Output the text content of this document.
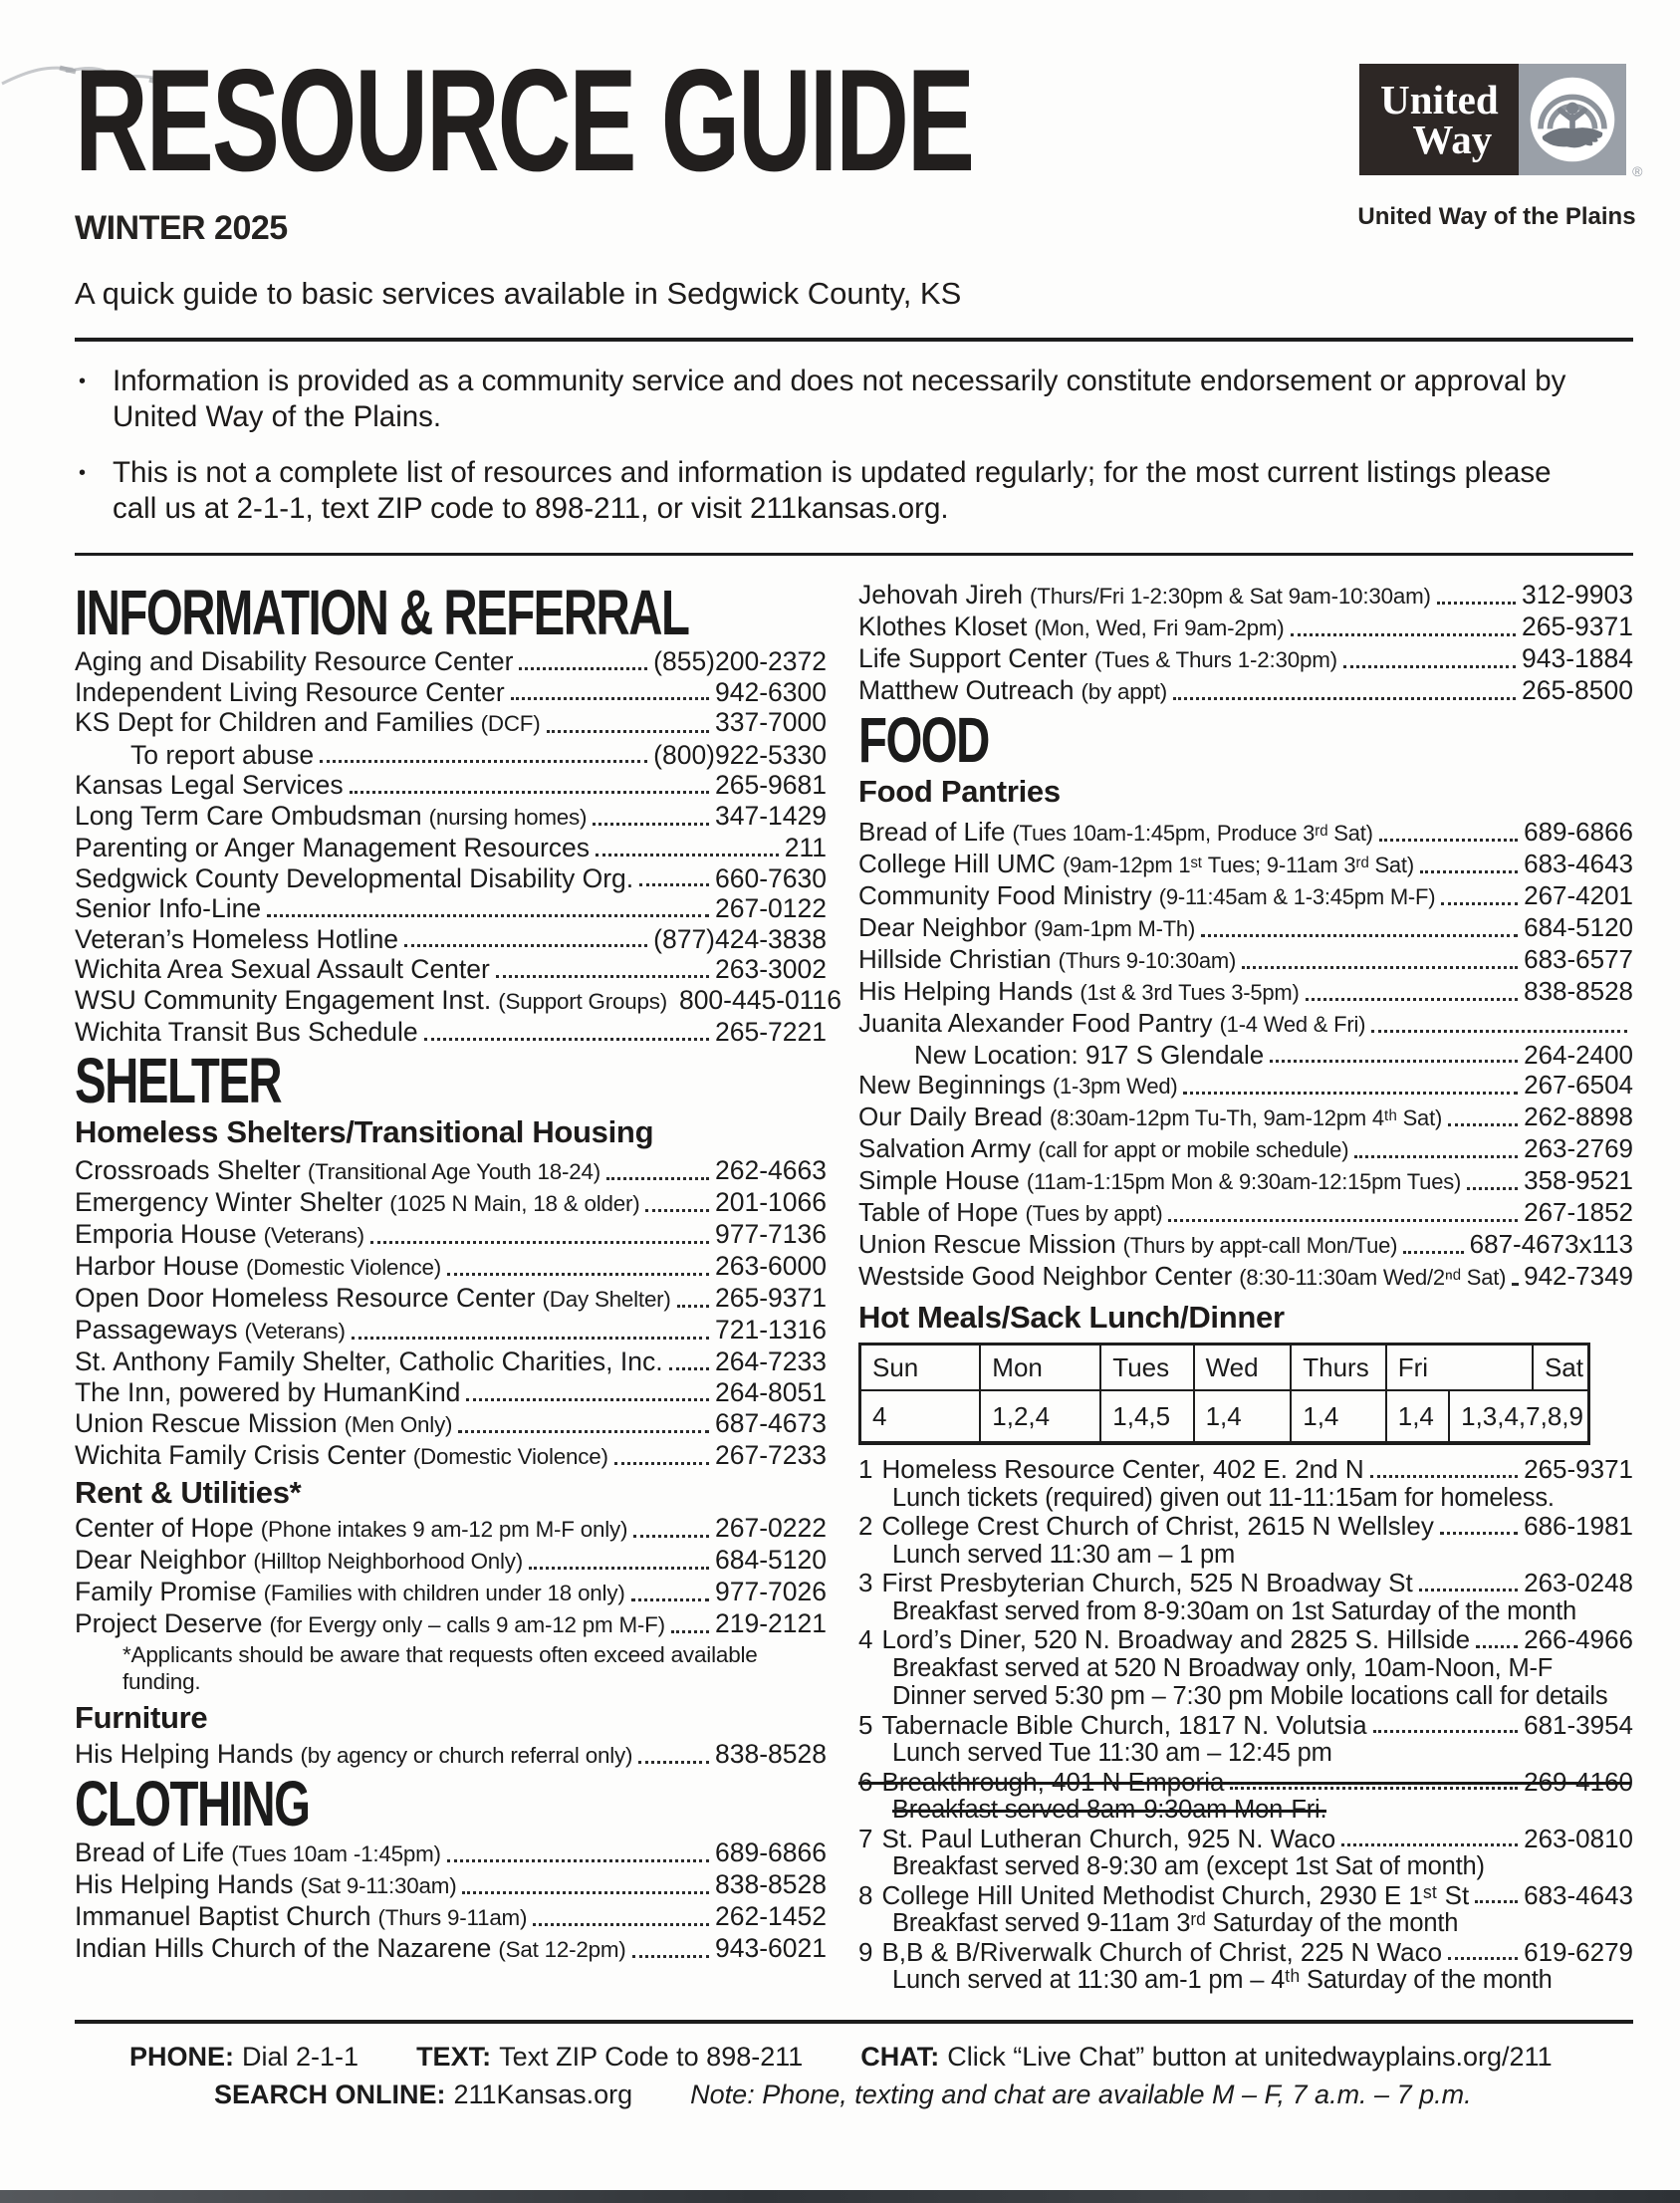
RESOURCE GUIDE
WINTER 2025
United
Way
®
United Way of the Plains
A quick guide to basic services available in Sedgwick County, KS
• Information is provided as a community service and does not necessarily constitute endorsement or approval by United Way of the Plains.
• This is not a complete list of resources and information is updated regularly; for the most current listings please call us at 2-1-1, text ZIP code to 898-211, or visit 211kansas.org.
INFORMATION & REFERRAL
Aging and Disability Resource Center	(855)200-2372
Independent Living Resource Center	942-6300
KS Dept for Children and Families (DCF)	337-7000
To report abuse	(800)922-5330
Kansas Legal Services	265-9681
Long Term Care Ombudsman (nursing homes)	347-1429
Parenting or Anger Management Resources	211
Sedgwick County Developmental Disability Org.	660-7630
Senior Info-Line	267-0122
Veteran’s Homeless Hotline	(877)424-3838
Wichita Area Sexual Assault Center	263-3002
WSU Community Engagement Inst. (Support Groups) 800-445-0116
Wichita Transit Bus Schedule	265-7221
SHELTER
Homeless Shelters/Transitional Housing
Crossroads Shelter (Transitional Age Youth 18-24)	262-4663
Emergency Winter Shelter (1025 N Main, 18 & older)	201-1066
Emporia House (Veterans)	977-7136
Harbor House (Domestic Violence)	263-6000
Open Door Homeless Resource Center (Day Shelter) 265-9371
Passageways (Veterans)	721-1316
St. Anthony Family Shelter, Catholic Charities, Inc. 264-7233
The Inn, powered by HumanKind	264-8051
Union Rescue Mission (Men Only)	687-4673
Wichita Family Crisis Center (Domestic Violence)	267-7233
Rent & Utilities*
Center of Hope (Phone intakes 9 am-12 pm M-F only)	267-0222
Dear Neighbor (Hilltop Neighborhood Only)	684-5120
Family Promise (Families with children under 18 only)	977-7026
Project Deserve (for Evergy only – calls 9 am-12 pm M-F) 219-2121
*Applicants should be aware that requests often exceed available funding.
Furniture
His Helping Hands (by agency or church referral only)	838-8528
CLOTHING
Bread of Life (Tues 10am -1:45pm)	689-6866
His Helping Hands (Sat 9-11:30am)	838-8528
Immanuel Baptist Church (Thurs 9-11am)	262-1452
Indian Hills Church of the Nazarene (Sat 12-2pm)	943-6021
Jehovah Jireh (Thurs/Fri 1-2:30pm & Sat 9am-10:30am)	312-9903
Klothes Kloset (Mon, Wed, Fri 9am-2pm)	265-9371
Life Support Center (Tues & Thurs 1-2:30pm)	943-1884
Matthew Outreach (by appt)	265-8500
FOOD
Food Pantries
Bread of Life (Tues 10am-1:45pm, Produce 3ʳᵈ Sat)	689-6866
College Hill UMC (9am-12pm 1ˢᵗ Tues; 9-11am 3ʳᵈ Sat)	683-4643
Community Food Ministry (9-11:45am & 1-3:45pm M-F)	267-4201
Dear Neighbor (9am-1pm M-Th)	684-5120
Hillside Christian (Thurs 9-10:30am)	683-6577
His Helping Hands (1st & 3rd Tues 3-5pm)	838-8528
Juanita Alexander Food Pantry (1-4 Wed & Fri)
New Location: 917 S Glendale	264-2400
New Beginnings (1-3pm Wed)	267-6504
Our Daily Bread (8:30am-12pm Tu-Th, 9am-12pm 4ᵗʰ Sat)	262-8898
Salvation Army (call for appt or mobile schedule)	263-2769
Simple House (11am-1:15pm Mon & 9:30am-12:15pm Tues) 358-9521
Table of Hope (Tues by appt)	267-1852
Union Rescue Mission (Thurs by appt-call Mon/Tue)	687-4673x113
Westside Good Neighbor Center (8:30-11:30am Wed/2ⁿᵈ Sat) 942-7349
Hot Meals/Sack Lunch/Dinner
Sun	Mon	Tues	Wed	Thurs	Fri	Sat
4	1,2,4	1,4,5	1,4	1,4	1,4	1,3,4,7,8,9
1 Homeless Resource Center, 402 E. 2nd N	265-9371
Lunch tickets (required) given out 11-11:15am for homeless.
2 College Crest Church of Christ, 2615 N Wellsley	686-1981
Lunch served 11:30 am – 1 pm
3 First Presbyterian Church, 525 N Broadway St	263-0248
Breakfast served from 8-9:30am on 1st Saturday of the month
4 Lord’s Diner, 520 N. Broadway and 2825 S. Hillside 266-4966
Breakfast served at 520 N Broadway only, 10am-Noon, M-F
Dinner served 5:30 pm – 7:30 pm Mobile locations call for details
5 Tabernacle Bible Church, 1817 N. Volutsia	681-3954
Lunch served Tue 11:30 am – 12:45 pm
6 Breakthrough, 401 N Emporia	269-4160
Breakfast served 8am-9:30am Mon-Fri.
7 St. Paul Lutheran Church, 925 N. Waco	263-0810
Breakfast served 8-9:30 am (except 1st Sat of month)
8 College Hill United Methodist Church, 2930 E 1ˢᵗ St 683-4643
Breakfast served 9-11am 3ʳᵈ Saturday of the month
9 B,B & B/Riverwalk Church of Christ, 225 N Waco	619-6279
Lunch served at 11:30 am-1 pm – 4ᵗʰ Saturday of the month
PHONE: Dial 2-1-1 TEXT: Text ZIP Code to 898-211 CHAT: Click “Live Chat” button at unitedwayplains.org/211
SEARCH ONLINE: 211Kansas.org Note: Phone, texting and chat are available M – F, 7 a.m. – 7 p.m.
